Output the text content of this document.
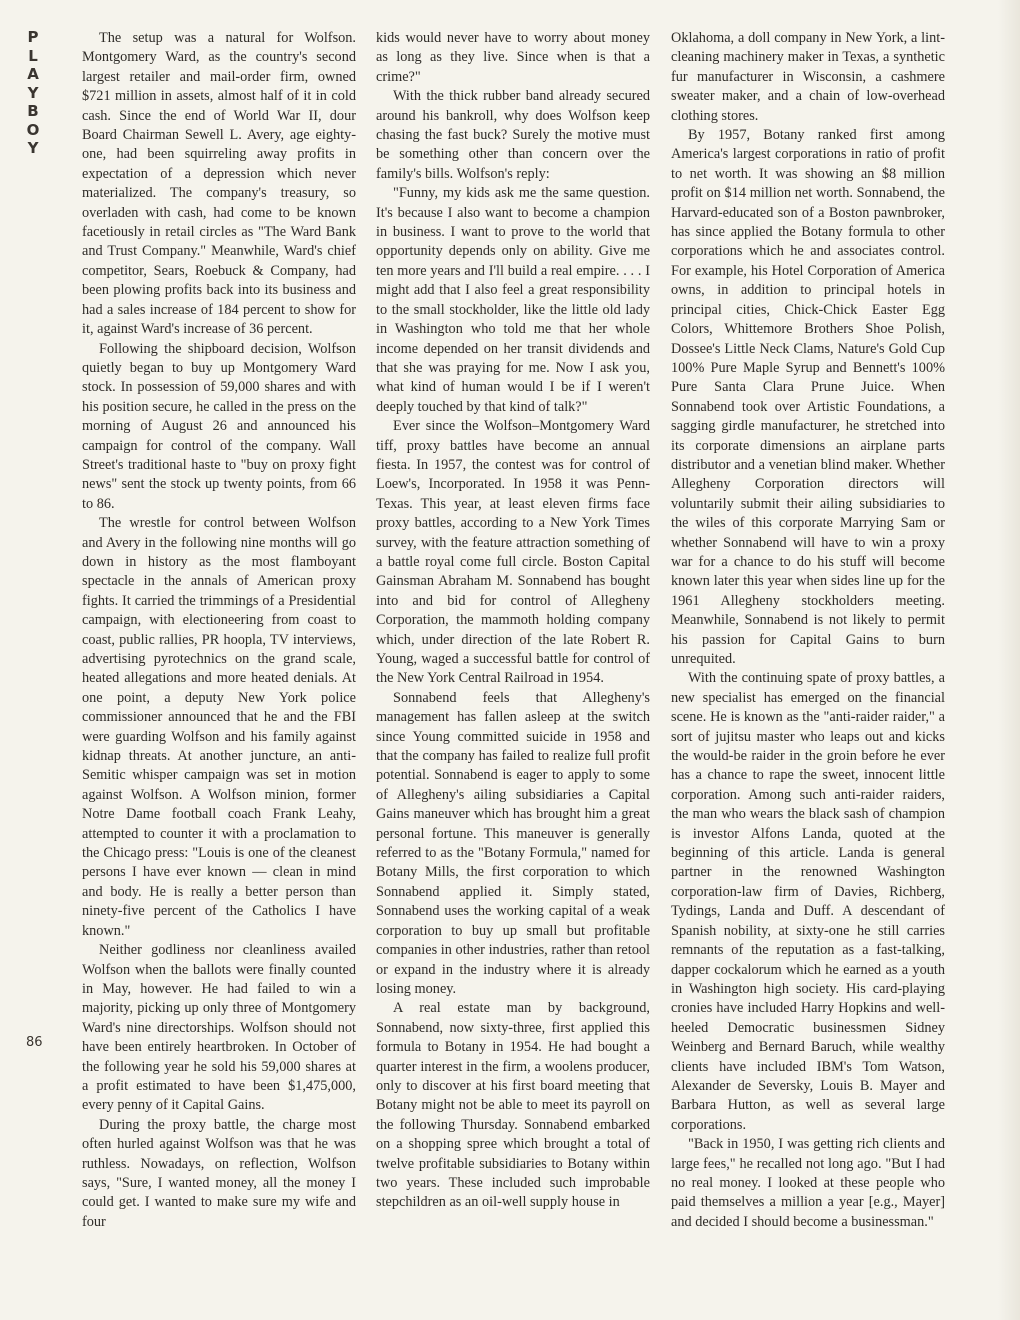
P
L
A
Y
B
O
Y
86

The setup was a natural for Wolfson. Montgomery Ward, as the country's second largest retailer and mail-order firm, owned $721 million in assets, almost half of it in cold cash. Since the end of World War II, dour Board Chairman Sewell L. Avery, age eighty-one, had been squirreling away profits in expectation of a depression which never materialized. The company's treasury, so overladen with cash, had come to be known facetiously in retail circles as "The Ward Bank and Trust Company." Meanwhile, Ward's chief competitor, Sears, Roebuck & Company, had been plowing profits back into its business and had a sales increase of 184 percent to show for it, against Ward's increase of 36 percent.

Following the shipboard decision, Wolfson quietly began to buy up Montgomery Ward stock. In possession of 59,000 shares and with his position secure, he called in the press on the morning of August 26 and announced his campaign for control of the company. Wall Street's traditional haste to "buy on proxy fight news" sent the stock up twenty points, from 66 to 86.

The wrestle for control between Wolfson and Avery in the following nine months will go down in history as the most flamboyant spectacle in the annals of American proxy fights. It carried the trimmings of a Presidential campaign, with electioneering from coast to coast, public rallies, PR hoopla, TV interviews, advertising pyrotechnics on the grand scale, heated allegations and more heated denials. At one point, a deputy New York police commissioner announced that he and the FBI were guarding Wolfson and his family against kidnap threats. At another juncture, an anti-Semitic whisper campaign was set in motion against Wolfson. A Wolfson minion, former Notre Dame football coach Frank Leahy, attempted to counter it with a proclamation to the Chicago press: "Louis is one of the cleanest persons I have ever known — clean in mind and body. He is really a better person than ninety-five percent of the Catholics I have known."

Neither godliness nor cleanliness availed Wolfson when the ballots were finally counted in May, however. He had failed to win a majority, picking up only three of Montgomery Ward's nine directorships. Wolfson should not have been entirely heartbroken. In October of the following year he sold his 59,000 shares at a profit estimated to have been $1,475,000, every penny of it Capital Gains.

During the proxy battle, the charge most often hurled against Wolfson was that he was ruthless. Nowadays, on reflection, Wolfson says, "Sure, I wanted money, all the money I could get. I wanted to make sure my wife and four

kids would never have to worry about money as long as they live. Since when is that a crime?"

With the thick rubber band already secured around his bankroll, why does Wolfson keep chasing the fast buck? Surely the motive must be something other than concern over the family's bills. Wolfson's reply:

"Funny, my kids ask me the same question. It's because I also want to become a champion in business. I want to prove to the world that opportunity depends only on ability. Give me ten more years and I'll build a real empire. . . . I might add that I also feel a great responsibility to the small stockholder, like the little old lady in Washington who told me that her whole income depended on her transit dividends and that she was praying for me. Now I ask you, what kind of human would I be if I weren't deeply touched by that kind of talk?"

Ever since the Wolfson–Montgomery Ward tiff, proxy battles have become an annual fiesta. In 1957, the contest was for control of Loew's, Incorporated. In 1958 it was Penn-Texas. This year, at least eleven firms face proxy battles, according to a New York Times survey, with the feature attraction something of a battle royal come full circle. Boston Capital Gainsman Abraham M. Sonnabend has bought into and bid for control of Allegheny Corporation, the mammoth holding company which, under direction of the late Robert R. Young, waged a successful battle for control of the New York Central Railroad in 1954.

Sonnabend feels that Allegheny's management has fallen asleep at the switch since Young committed suicide in 1958 and that the company has failed to realize full profit potential. Sonnabend is eager to apply to some of Allegheny's ailing subsidiaries a Capital Gains maneuver which has brought him a great personal fortune. This maneuver is generally referred to as the "Botany Formula," named for Botany Mills, the first corporation to which Sonnabend applied it. Simply stated, Sonnabend uses the working capital of a weak corporation to buy up small but profitable companies in other industries, rather than retool or expand in the industry where it is already losing money.

A real estate man by background, Sonnabend, now sixty-three, first applied this formula to Botany in 1954. He had bought a quarter interest in the firm, a woolens producer, only to discover at his first board meeting that Botany might not be able to meet its payroll on the following Thursday. Sonnabend embarked on a shopping spree which brought a total of twelve profitable subsidiaries to Botany within two years. These included such improbable stepchildren as an oil-well supply house in

Oklahoma, a doll company in New York, a lint-cleaning machinery maker in Texas, a synthetic fur manufacturer in Wisconsin, a cashmere sweater maker, and a chain of low-overhead clothing stores.

By 1957, Botany ranked first among America's largest corporations in ratio of profit to net worth. It was showing an $8 million profit on $14 million net worth. Sonnabend, the Harvard-educated son of a Boston pawnbroker, has since applied the Botany formula to other corporations which he and associates control. For example, his Hotel Corporation of America owns, in addition to principal hotels in principal cities, Chick-Chick Easter Egg Colors, Whittemore Brothers Shoe Polish, Dossee's Little Neck Clams, Nature's Gold Cup 100% Pure Maple Syrup and Bennett's 100% Pure Santa Clara Prune Juice. When Sonnabend took over Artistic Foundations, a sagging girdle manufacturer, he stretched into its corporate dimensions an airplane parts distributor and a venetian blind maker. Whether Allegheny Corporation directors will voluntarily submit their ailing subsidiaries to the wiles of this corporate Marrying Sam or whether Sonnabend will have to win a proxy war for a chance to do his stuff will become known later this year when sides line up for the 1961 Allegheny stockholders meeting. Meanwhile, Sonnabend is not likely to permit his passion for Capital Gains to burn unrequited.

With the continuing spate of proxy battles, a new specialist has emerged on the financial scene. He is known as the "anti-raider raider," a sort of jujitsu master who leaps out and kicks the would-be raider in the groin before he ever has a chance to rape the sweet, innocent little corporation. Among such anti-raider raiders, the man who wears the black sash of champion is investor Alfons Landa, quoted at the beginning of this article. Landa is general partner in the renowned Washington corporation-law firm of Davies, Richberg, Tydings, Landa and Duff. A descendant of Spanish nobility, at sixty-one he still carries remnants of the reputation as a fast-talking, dapper cockalorum which he earned as a youth in Washington high society. His card-playing cronies have included Harry Hopkins and well-heeled Democratic businessmen Sidney Weinberg and Bernard Baruch, while wealthy clients have included IBM's Tom Watson, Alexander de Seversky, Louis B. Mayer and Barbara Hutton, as well as several large corporations.

"Back in 1950, I was getting rich clients and large fees," he recalled not long ago. "But I had no real money. I looked at these people who paid themselves a million a year [e.g., Mayer] and decided I should become a businessman."
